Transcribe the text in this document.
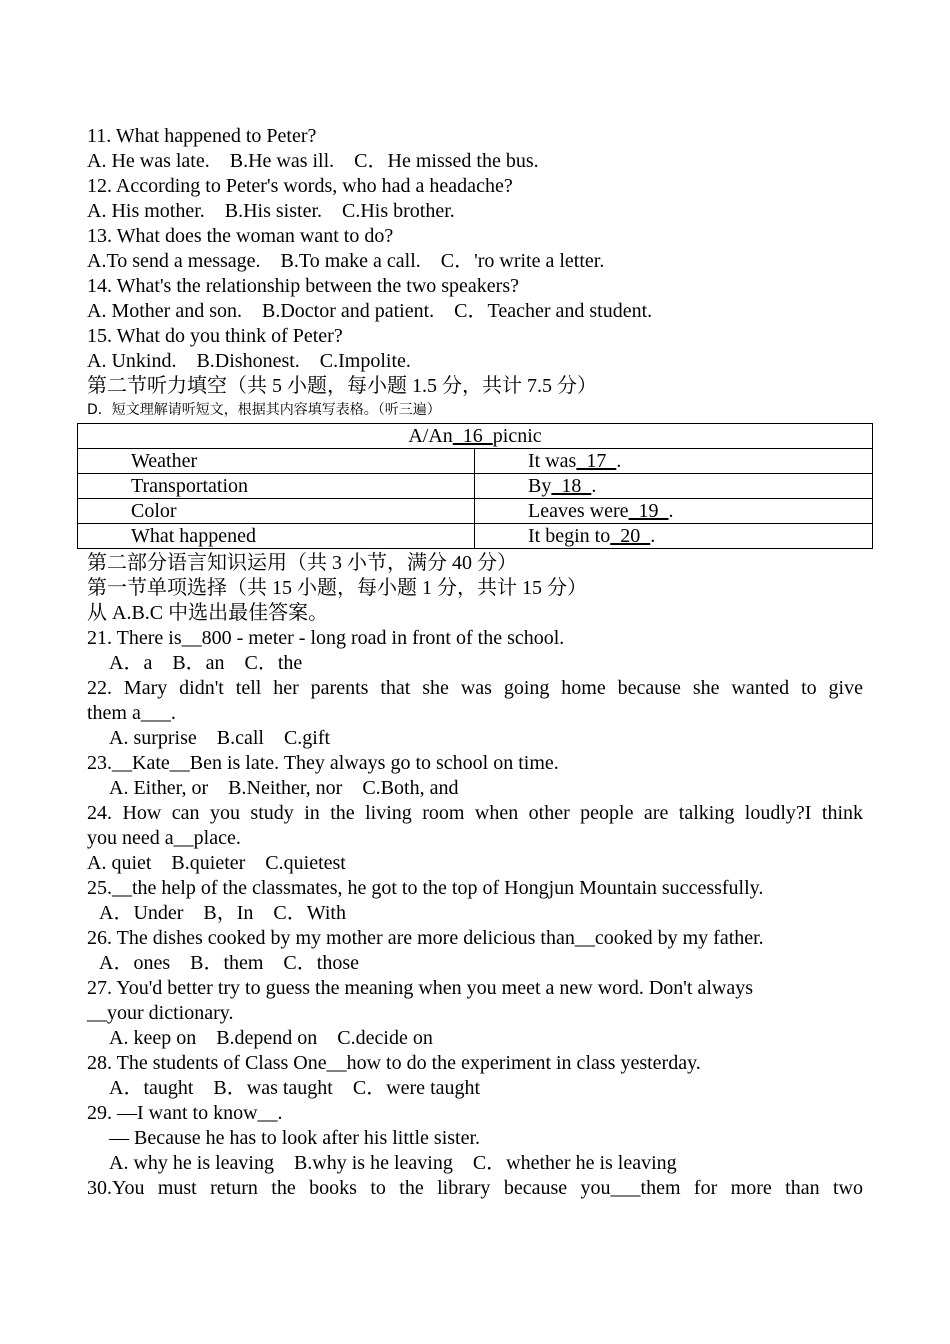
11. What happened to Peter?
A. He was late.    B.He was ill.    C．He missed the bus.
12. According to Peter's words, who had a headache?
A. His mother.    B.His sister.    C.His brother.
13. What does the woman want to do?
A.To send a message.    B.To make a call.    C．'ro write a letter.
14. What's the relationship between the two speakers?
A. Mother and son.    B.Doctor and patient.    C．Teacher and student.
15. What do you think of Peter?
A. Unkind.    B.Dishonest.    C.Impolite.
第二节听力填空（共 5 小题，每小题 1.5 分，共计 7.5 分）
D．短文理解请听短文，根据其内容填写表格。（听三遍）
A/An  16  picnic	
Weather	It was  17  .
Transportation	By  18  .
Color	Leaves were  19  .
What happened	It begin to  20  .
第二部分语言知识运用（共 3 小节，满分 40 分）
第一节单项选择（共 15 小题，每小题 1 分，共计 15 分）
从 A.B.C 中选出最佳答案。
21. There is__800 - meter - long road in front of the school.
A．a    B．an    C．the
22. Mary didn't tell her parents that she was going home because she wanted to give
them a___.
A. surprise    B.call    C.gift
23.__Kate__Ben is late. They always go to school on time.
A. Either, or    B.Neither, nor    C.Both, and
24. How can you study in the living room when other people are talking loudly?I think
you need a__place.
A. quiet    B.quieter    C.quietest
25.__the help of the classmates, he got to the top of Hongjun Mountain successfully.
A．Under    B，In    C．With
26. The dishes cooked by my mother are more delicious than__cooked by my father.
A．ones    B．them    C．those
27. You'd better try to guess the meaning when you meet a new word. Don't always
__your dictionary.
A. keep on    B.depend on    C.decide on
28. The students of Class One__how to do the experiment in class yesterday.
A．taught    B．was taught    C．were taught
29. —I want to know__.
— Because he has to look after his little sister.
A. why he is leaving    B.why is he leaving    C．whether he is leaving
30.You must return the books to the library because you___them for more than two
